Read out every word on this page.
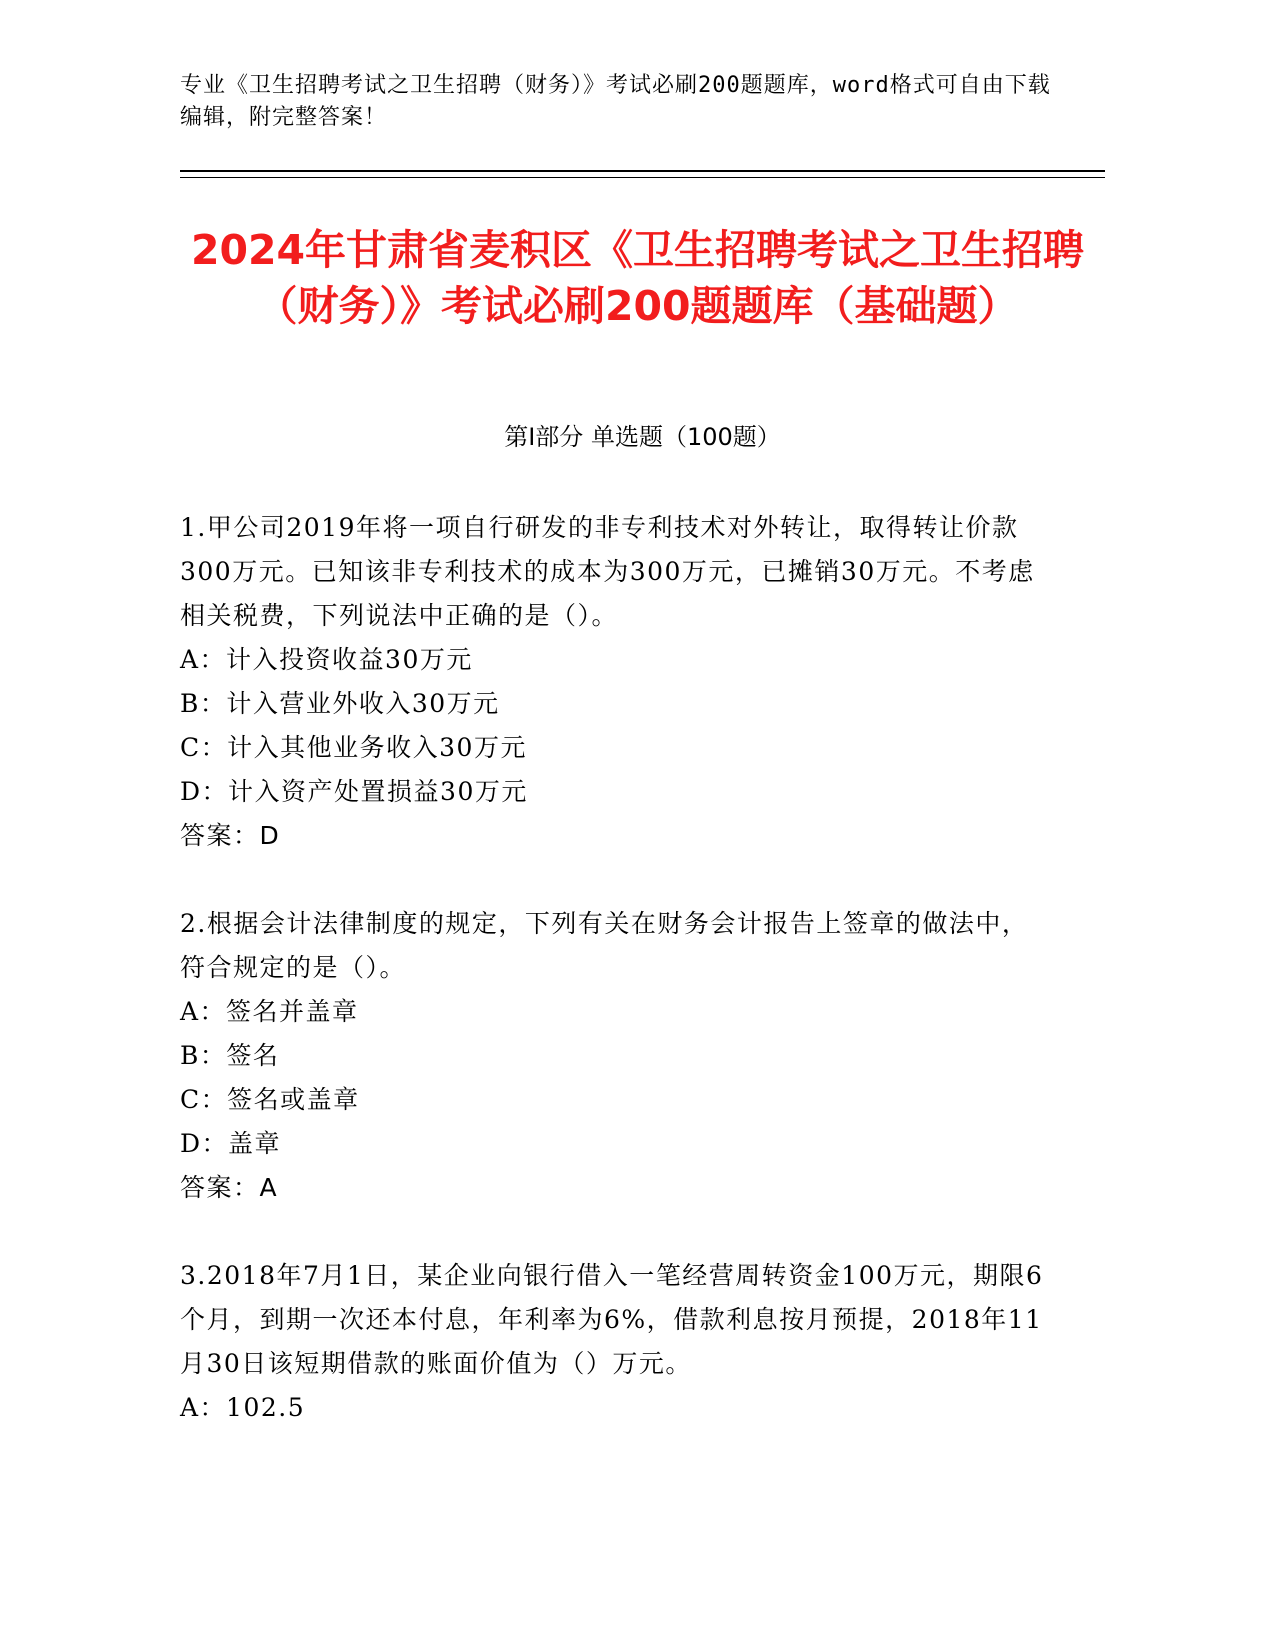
专业《卫生招聘考试之卫生招聘（财务）》考试必刷200题题库，word格式可自由下载编辑，附完整答案！
2024年甘肃省麦积区《卫生招聘考试之卫生招聘（财务）》考试必刷200题题库（基础题）
第I部分 单选题（100题）

1.甲公司2019年将一项自行研发的非专利技术对外转让，取得转让价款300万元。已知该非专利技术的成本为300万元，已摊销30万元。不考虑相关税费，下列说法中正确的是（）。

A：计入投资收益30万元

B：计入营业外收入30万元

C：计入其他业务收入30万元

D：计入资产处置损益30万元

答案：D

2.根据会计法律制度的规定，下列有关在财务会计报告上签章的做法中，符合规定的是（）。

A：签名并盖章

B：签名

C：签名或盖章

D：盖章

答案：A

3.2018年7月1日，某企业向银行借入一笔经营周转资金100万元，期限6个月，到期一次还本付息，年利率为6%，借款利息按月预提，2018年11月30日该短期借款的账面价值为（）万元。

A：102.5
